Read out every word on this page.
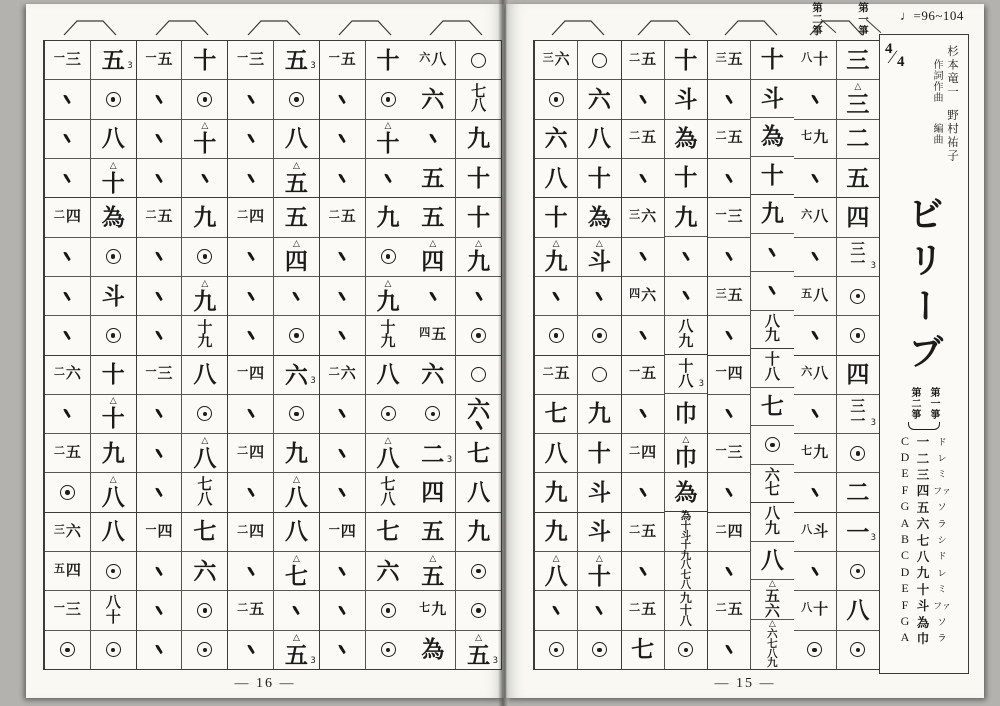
六 八
六
五
五
△
四
四 五
六
二 3
四
五
△
五
七 九
為
七
八
九
十
十
△
九
六
七
八
九
△
五 3
一 五
二 五
二 六
一 四
十
△
十
九
△
九
十
九
八
△
八
七
八
七
六
一 三
二 四
一 四
二 四
二 四
二 五
五 3
八
△
五
五
△
四
六 3
九
△
八
八
△
七
△
五 3
一 五
二 五
一 三
一 四
十
△
十
九
△
九
十
九
八
△
八
七
八
七
六
一 三
二 四
二 六
二 五
三 六
五 四
一 三
五 3
八
△
十
為
斗
十
△
十
九
△
八
八
八
十
— 16 —
八 十
七 九
六 八
五 八
六 八
七 九
八 斗
八 十
三
△
三
二
五
四
三
一 3
四
三
一 3
二
一 3
八
三 五
二 五
一 三
三 五
一 四
一 三
二 四
二 五
十
斗
為
十
九
八
九
十
八
七
六
七
八
九
八
△
五
六
△
六
七
八
九
二 五
二 五
三 六
四 六
一 五
二 四
二 五
二 五
七
十
斗
為
十
九
八
九
十
八 3
巾
△
巾
為
為
十
斗
十
九
八
七
八
九
十
八
三 六
六
八
十
△
九
二 五
七
八
九
九
△
八
六
八
十
為
△
斗
九
十
斗
斗
△
十
第二箏	第一箏 ♩=96~104
4
∕ 4	杉本竜一
作詞作曲
野村祐子
編曲
ビリーブ
第二箏 第一箏
C 一 ド
D 二 レ
E 三 ミ
F 四 ファ
G 五 ソ
A 六 ラ
B 七 シ
C 八 ド
D 九 レ
E 十 ミ
F 斗 ファ
G 為 ソ
A 巾 ラ
— 15 —
